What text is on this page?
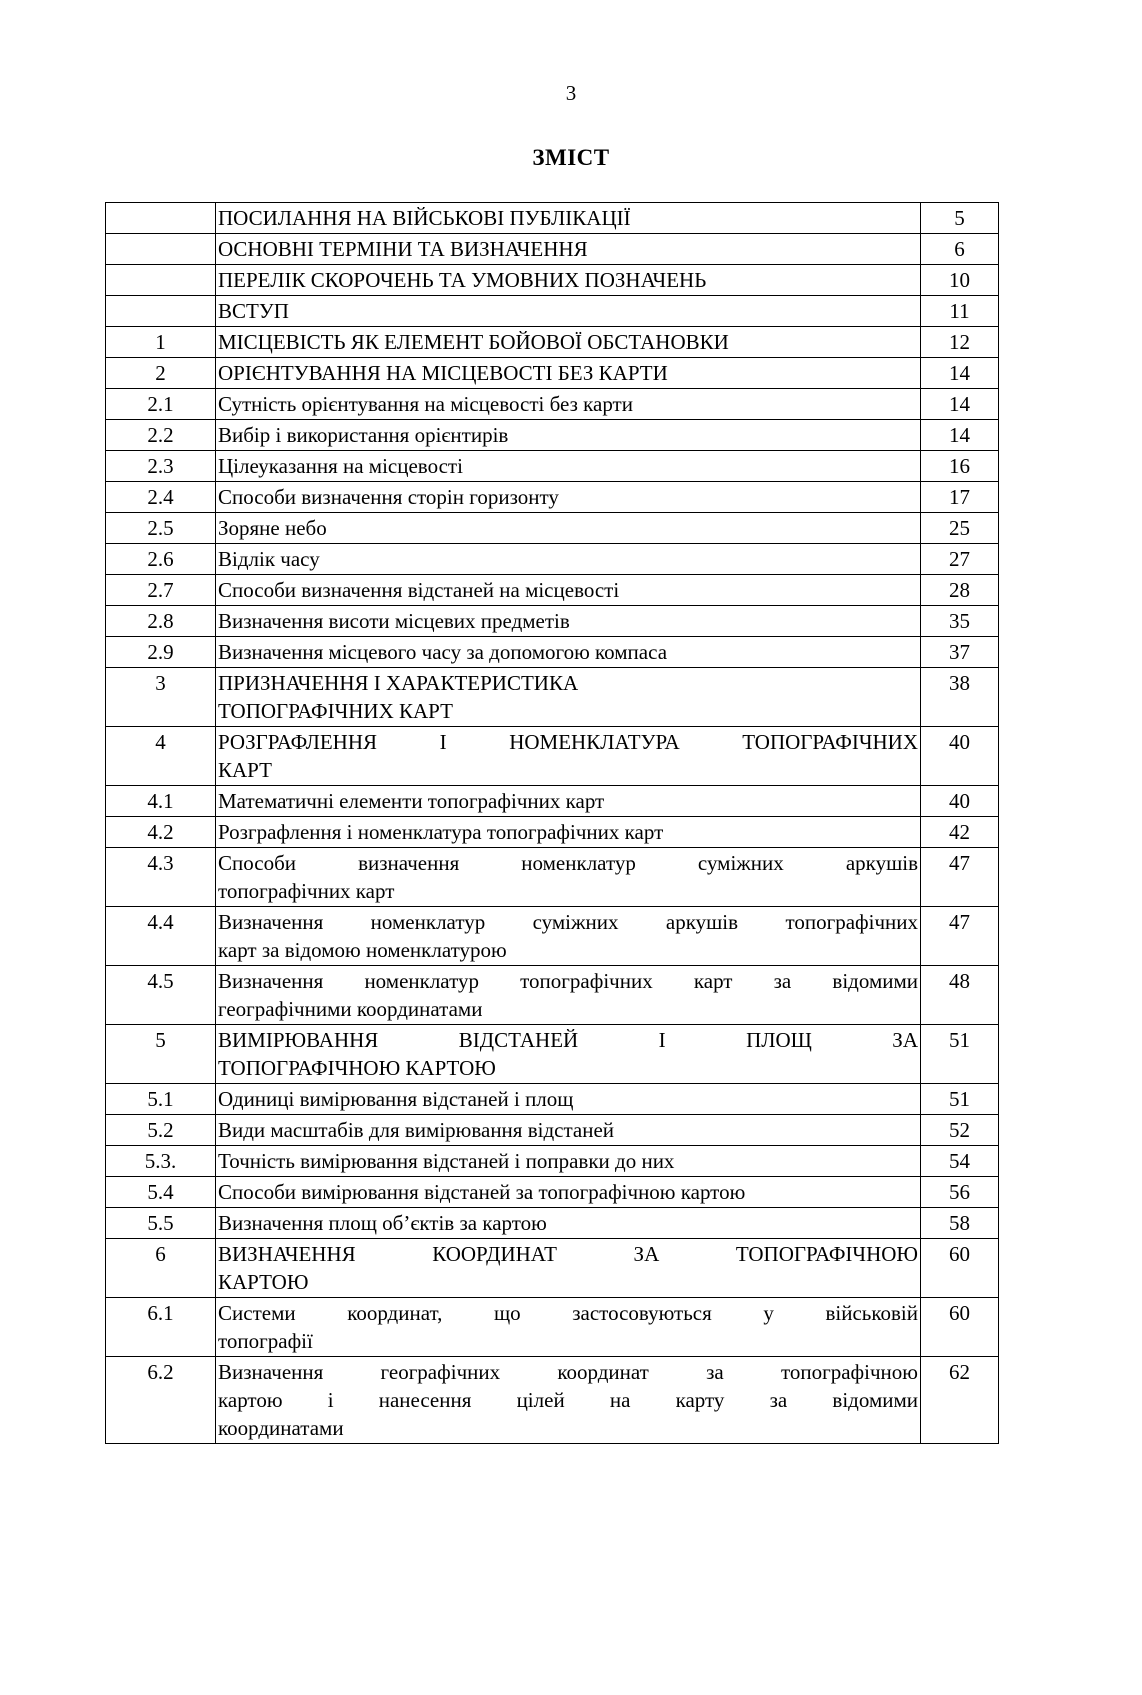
3
ЗМІСТ

	ПОСИЛАННЯ НА ВІЙСЬКОВІ ПУБЛІКАЦІЇ	5

	ОСНОВНІ ТЕРМІНИ ТА ВИЗНАЧЕННЯ	6

	ПЕРЕЛІК СКОРОЧЕНЬ ТА УМОВНИХ ПОЗНАЧЕНЬ	10

	ВСТУП	11
1	МІСЦЕВІСТЬ ЯК ЕЛЕМЕНТ БОЙОВОЇ ОБСТАНОВКИ	12
2	ОРІЄНТУВАННЯ НА МІСЦЕВОСТІ БЕЗ КАРТИ	14
2.1	Сутність орієнтування на місцевості без карти	14
2.2	Вибір і використання орієнтирів	14
2.3	Цілеуказання на місцевості	16
2.4	Способи визначення сторін горизонту	17
2.5	Зоряне небо	25
2.6	Відлік часу	27
2.7	Способи визначення відстаней на місцевості	28
2.8	Визначення висоти місцевих предметів	35
2.9	Визначення місцевого часу за допомогою компаса	37
3	ПРИЗНАЧЕННЯ І ХАРАКТЕРИСТИКА
ТОПОГРАФІЧНИХ КАРТ	38
4	РОЗГРАФЛЕННЯ І НОМЕНКЛАТУРА ТОПОГРАФІЧНИХ
КАРТ	40
4.1	Математичні елементи топографічних карт	40
4.2	Розграфлення і номенклатура топографічних карт	42
4.3	Способи визначення номенклатур суміжних аркушів
топографічних карт	47
4.4	Визначення номенклатур суміжних аркушів топографічних
карт за відомою номенклатурою	47
4.5	Визначення номенклатур топографічних карт за відомими
географічними координатами	48
5	ВИМІРЮВАННЯ ВІДСТАНЕЙ І ПЛОЩ ЗА
ТОПОГРАФІЧНОЮ КАРТОЮ	51
5.1	Одиниці вимірювання відстаней і площ	51
5.2	Види масштабів для вимірювання відстаней	52
5.3.	Точність вимірювання відстаней і поправки до них	54
5.4	Способи вимірювання відстаней за топографічною картою	56
5.5	Визначення площ об’єктів за картою	58
6	ВИЗНАЧЕННЯ КООРДИНАТ ЗА ТОПОГРАФІЧНОЮ
КАРТОЮ	60
6.1	Системи координат, що застосовуються у військовій
топографії	60
6.2	Визначення географічних координат за топографічною
картою і нанесення цілей на карту за відомими
координатами	62
